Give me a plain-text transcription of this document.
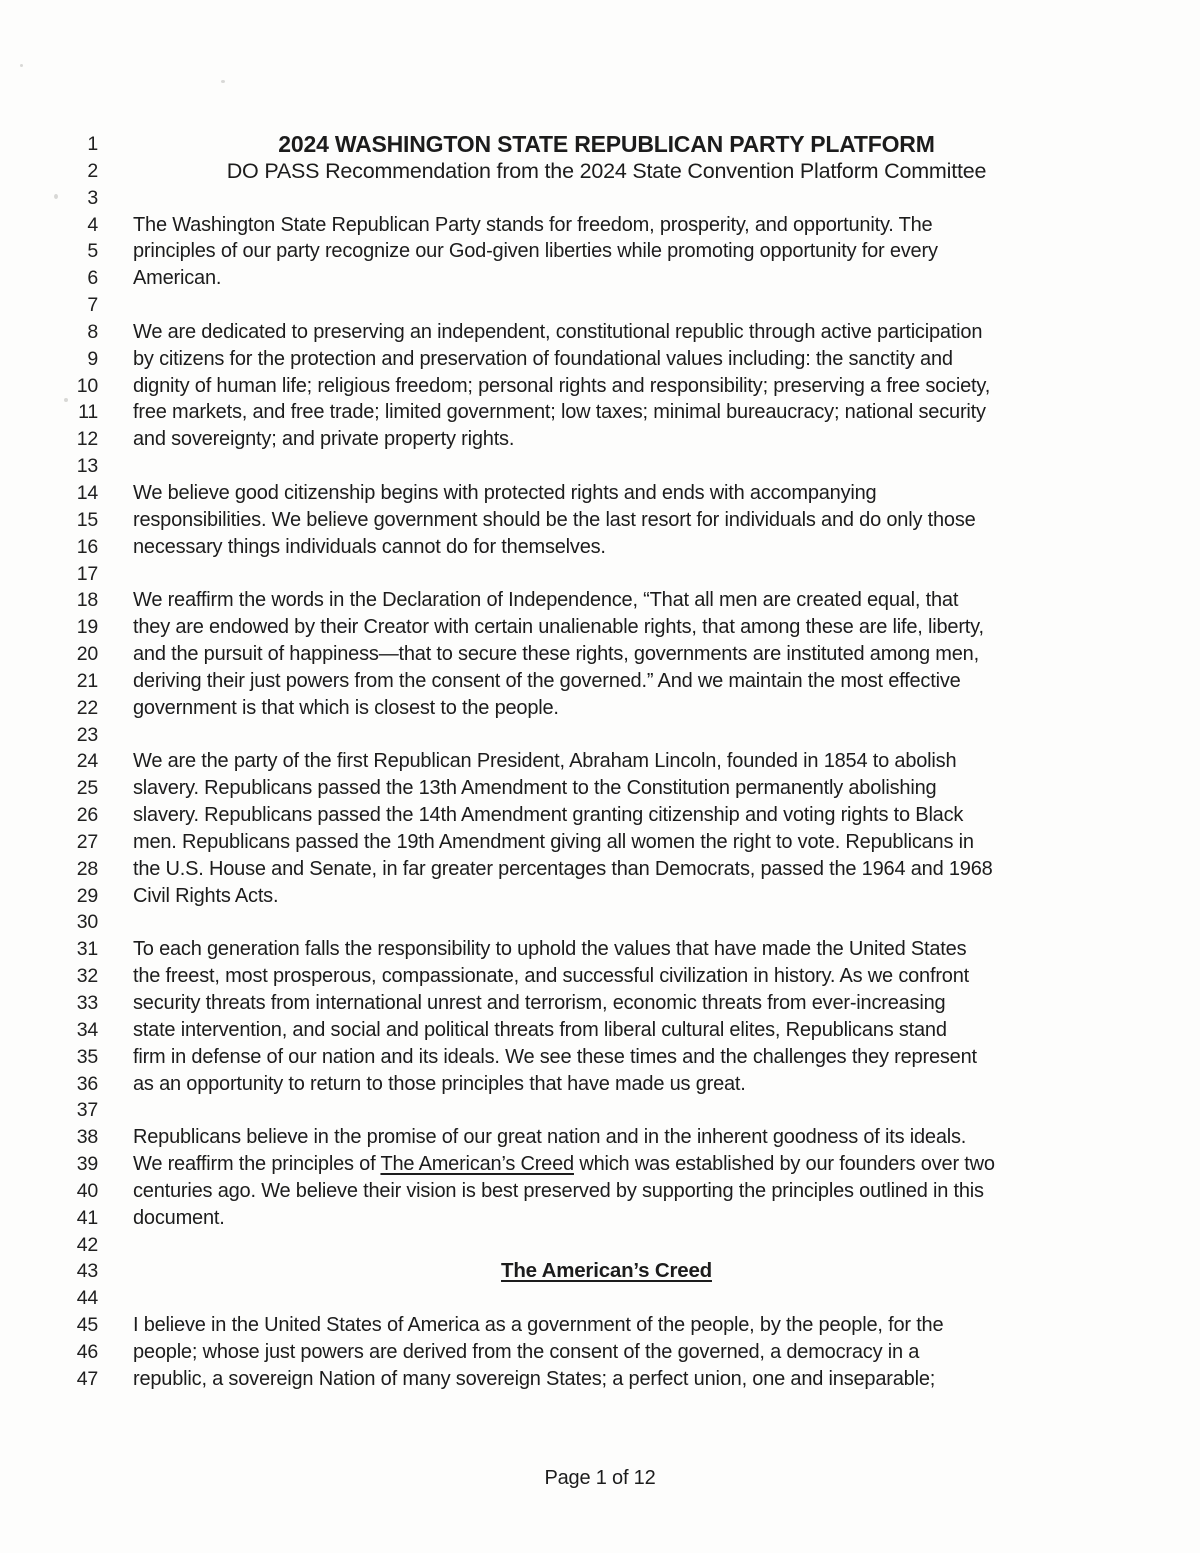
1	2024 WASHINGTON STATE REPUBLICAN PARTY PLATFORM
2	DO PASS Recommendation from the 2024 State Convention Platform Committee
3
4 The Washington State Republican Party stands for freedom, prosperity, and opportunity. The
5 principles of our party recognize our God-given liberties while promoting opportunity for every
6 American.
7
8 We are dedicated to preserving an independent, constitutional republic through active participation
9 by citizens for the protection and preservation of foundational values including: the sanctity and
10 dignity of human life; religious freedom; personal rights and responsibility; preserving a free society,
11 free markets, and free trade; limited government; low taxes; minimal bureaucracy; national security
12 and sovereignty; and private property rights.
13
14 We believe good citizenship begins with protected rights and ends with accompanying
15 responsibilities. We believe government should be the last resort for individuals and do only those
16 necessary things individuals cannot do for themselves.
17
18 We reaffirm the words in the Declaration of Independence, “That all men are created equal, that
19 they are endowed by their Creator with certain unalienable rights, that among these are life, liberty,
20 and the pursuit of happiness—that to secure these rights, governments are instituted among men,
21 deriving their just powers from the consent of the governed.” And we maintain the most effective
22 government is that which is closest to the people.
23
24 We are the party of the first Republican President, Abraham Lincoln, founded in 1854 to abolish
25 slavery. Republicans passed the 13th Amendment to the Constitution permanently abolishing
26 slavery. Republicans passed the 14th Amendment granting citizenship and voting rights to Black
27 men. Republicans passed the 19th Amendment giving all women the right to vote. Republicans in
28 the U.S. House and Senate, in far greater percentages than Democrats, passed the 1964 and 1968
29 Civil Rights Acts.
30
31 To each generation falls the responsibility to uphold the values that have made the United States
32 the freest, most prosperous, compassionate, and successful civilization in history. As we confront
33 security threats from international unrest and terrorism, economic threats from ever-increasing
34 state intervention, and social and political threats from liberal cultural elites, Republicans stand
35 firm in defense of our nation and its ideals. We see these times and the challenges they represent
36 as an opportunity to return to those principles that have made us great.
37
38 Republicans believe in the promise of our great nation and in the inherent goodness of its ideals.
39 We reaffirm the principles of The American’s Creed which was established by our founders over two
40 centuries ago. We believe their vision is best preserved by supporting the principles outlined in this
41 document.
42
43	The American’s Creed
44
45 I believe in the United States of America as a government of the people, by the people, for the
46 people; whose just powers are derived from the consent of the governed, a democracy in a
47 republic, a sovereign Nation of many sovereign States; a perfect union, one and inseparable;
Page 1 of 12
